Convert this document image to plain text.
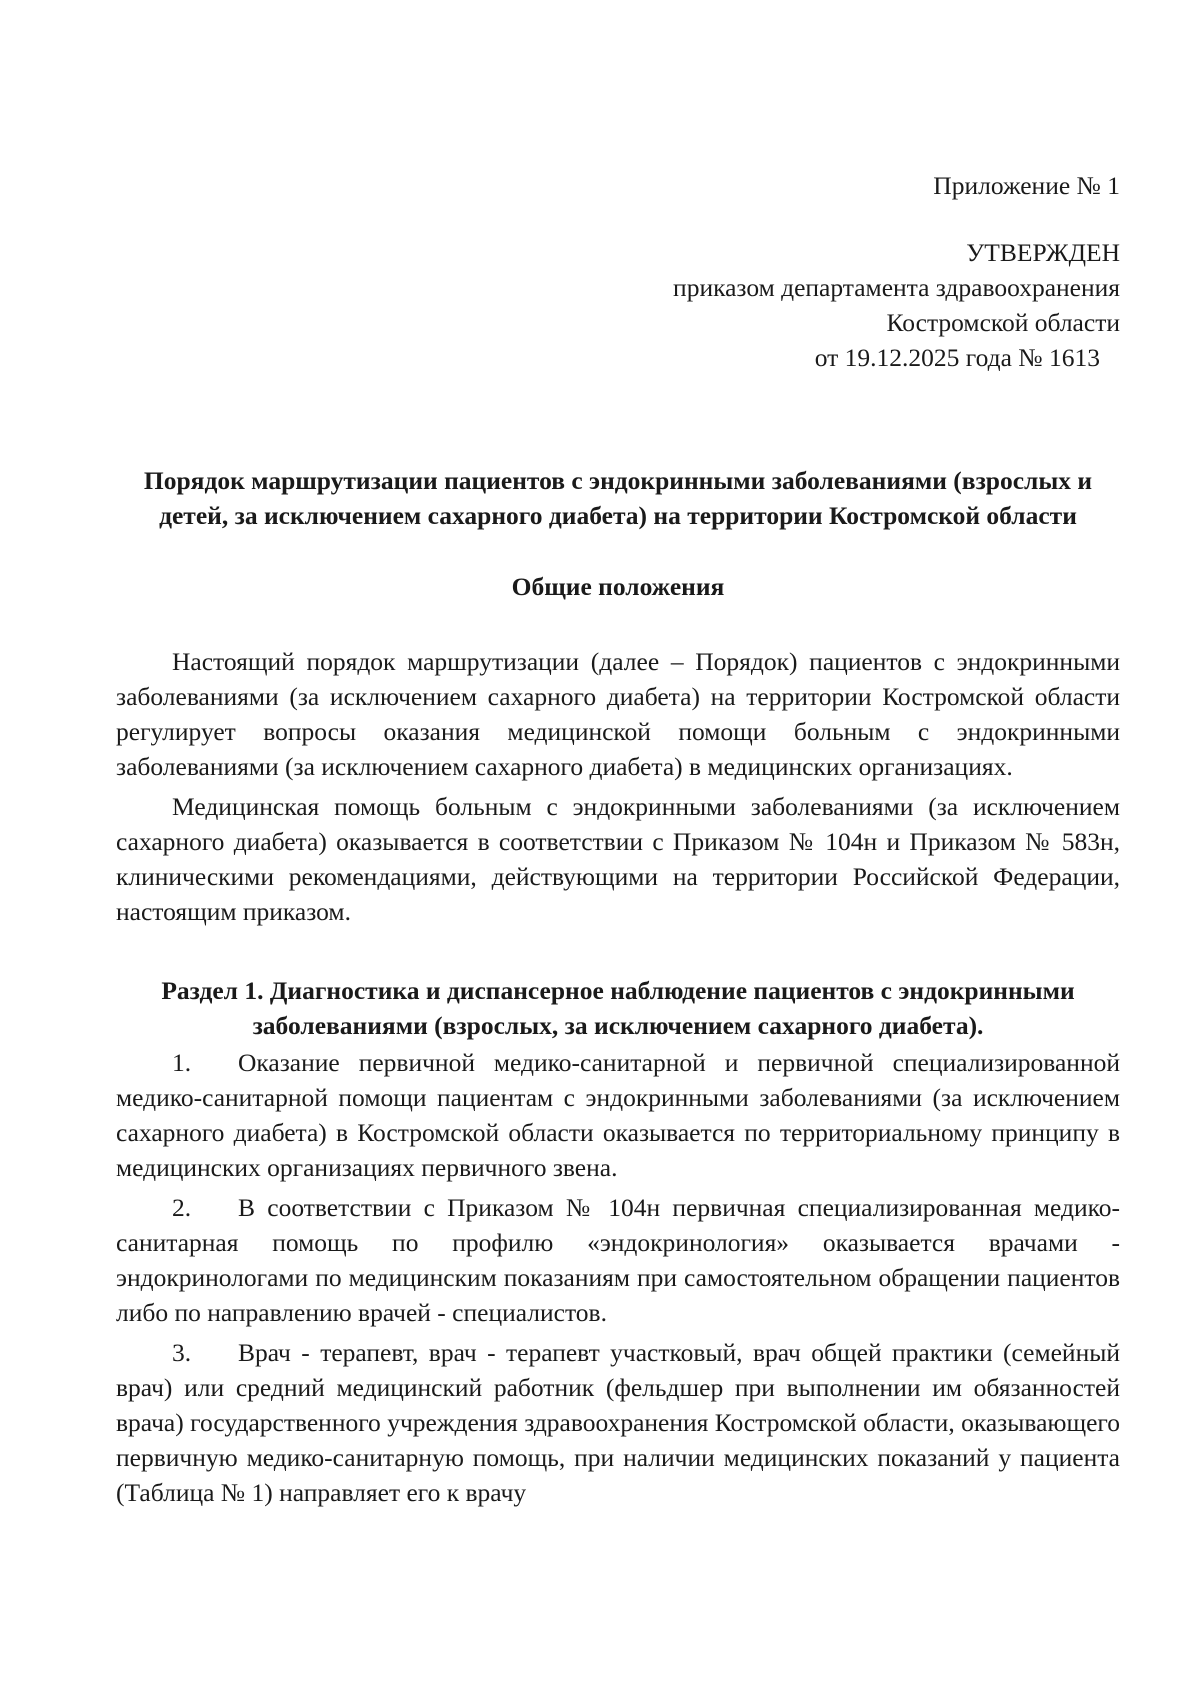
Приложение № 1

УТВЕРЖДЕН
приказом департамента здравоохранения
Костромской области
от 19.12.2025 года № 1613
Порядок маршрутизации пациентов с эндокринными заболеваниями (взрослых и детей, за исключением сахарного диабета) на территории Костромской области
Общие положения

Настоящий порядок маршрутизации (далее – Порядок) пациентов с эндокринными заболеваниями (за исключением сахарного диабета) на территории Костромской области регулирует вопросы оказания медицинской помощи больным с эндокринными заболеваниями (за исключением сахарного диабета) в медицинских организациях.

Медицинская помощь больным с эндокринными заболеваниями (за исключением сахарного диабета) оказывается в соответствии с Приказом № 104н и Приказом № 583н, клиническими рекомендациями, действующими на территории Российской Федерации, настоящим приказом.

Раздел 1. Диагностика и диспансерное наблюдение пациентов с эндокринными заболеваниями (взрослых, за исключением сахарного диабета).

1. Оказание первичной медико-санитарной и первичной специализированной медико-санитарной помощи пациентам с эндокринными заболеваниями (за исключением сахарного диабета) в Костромской области оказывается по территориальному принципу в медицинских организациях первичного звена.

2. В соответствии с Приказом № 104н первичная специализированная медико-санитарная помощь по профилю «эндокринология» оказывается врачами - эндокринологами по медицинским показаниям при самостоятельном обращении пациентов либо по направлению врачей - специалистов.

3. Врач - терапевт, врач - терапевт участковый, врач общей практики (семейный врач) или средний медицинский работник (фельдшер при выполнении им обязанностей врача) государственного учреждения здравоохранения Костромской области, оказывающего первичную медико-санитарную помощь, при наличии медицинских показаний у пациента (Таблица № 1) направляет его к врачу
